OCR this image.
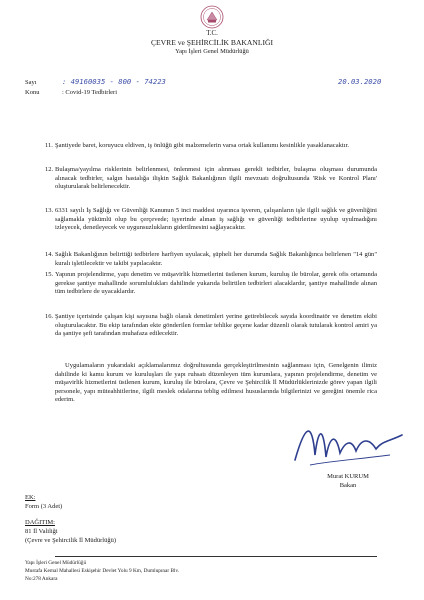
T.C.
ÇEVRE ve ŞEHİRCİLİK BAKANLIĞI
Yapı İşleri Genel Müdürlüğü
Sayı	: 49160035 - 800 - 74223	20.03.2020
Konu	: Covid-19 Tedbirleri
11. Şantiyede baret, koruyucu eldiven, iş önlüğü gibi malzemelerin varsa ortak kullanımı kesinlikle yasaklanacaktır.
12. Bulaşma/yayılma risklerinin belirlenmesi, önlenmesi için alınması gerekli tedbirler, bulaşma oluşması durumunda alınacak tedbirler, salgın hastalığa ilişkin Sağlık Bakanlığının ilgili mevzuatı doğrultusunda 'Risk ve Kontrol Planı' oluşturularak belirlenecektir.
13. 6331 sayılı İş Sağlığı ve Güvenliği Kanunun 5 inci maddesi uyarınca işveren, çalışanların işle ilgili sağlık ve güvenliğini sağlamakla yükümlü olup bu çerçevede; işyerinde alınan iş sağlığı ve güvenliği tedbirlerine uyulup uyulmadığını izleyecek, denetleyecek ve uygunsuzlukların giderilmesini sağlayacaktır.
14. Sağlık Bakanlığının belirttiği tedbirlere harfiyen uyulacak, şüpheli her durumda Sağlık Bakanlığınca belirlenen "14 gün" kuralı işletilecektir ve takibi yapılacaktır.
15. Yapının projelendirme, yapı denetim ve müşavirlik hizmetlerini üstlenen kurum, kuruluş ile bürolar, gerek ofis ortamında gerekse şantiye mahallinde sorumlulukları dahilinde yukarıda belirtilen tedbirleri alacaklardır, şantiye mahallinde alınan tüm tedbirlere de uyacaklardır.
16. Şantiye içerisinde çalışan kişi sayısına bağlı olarak denetimleri yerine getirebilecek sayıda koordinatör ve denetim ekibi oluşturulacaktır. Bu ekip tarafından ekte gönderilen formlar tehlike geçene kadar düzenli olarak tutularak kontrol amiri ya da şantiye şefi tarafından muhafaza edilecektir.
Uygulamaların yukarıdaki açıklamalarımız doğrultusunda gerçekleştirilmesinin sağlanması için, Genelgenin ilimiz dahilinde ki kamu kurum ve kuruluşları ile yapı ruhsatı düzenleyen tüm kurumlara, yapının projelendirme, denetim ve müşavirlik hizmetlerini üstlenen kurum, kuruluş ile bürolara, Çevre ve Şehircilik İl Müdürlüklerinizde görev yapan ilgili personele, yapı müteahhitlerine, ilgili meslek odalarına teblig edilmesi hususlarında bilgilerinizi ve gereğini önemle rica ederim.
Murat KURUM
Bakan
EK:
Form (3 Adet)
DAĞITIM:
81 İl Valiliği
(Çevre ve Şehircilik İl Müdürlüğü)
Yapı İşleri Genel Müdürlüğü
Mustafa Kemal Mahallesi Eskişehir Devlet Yolu 9 Km, Dumlupınar Blv.
No:278 Ankara
